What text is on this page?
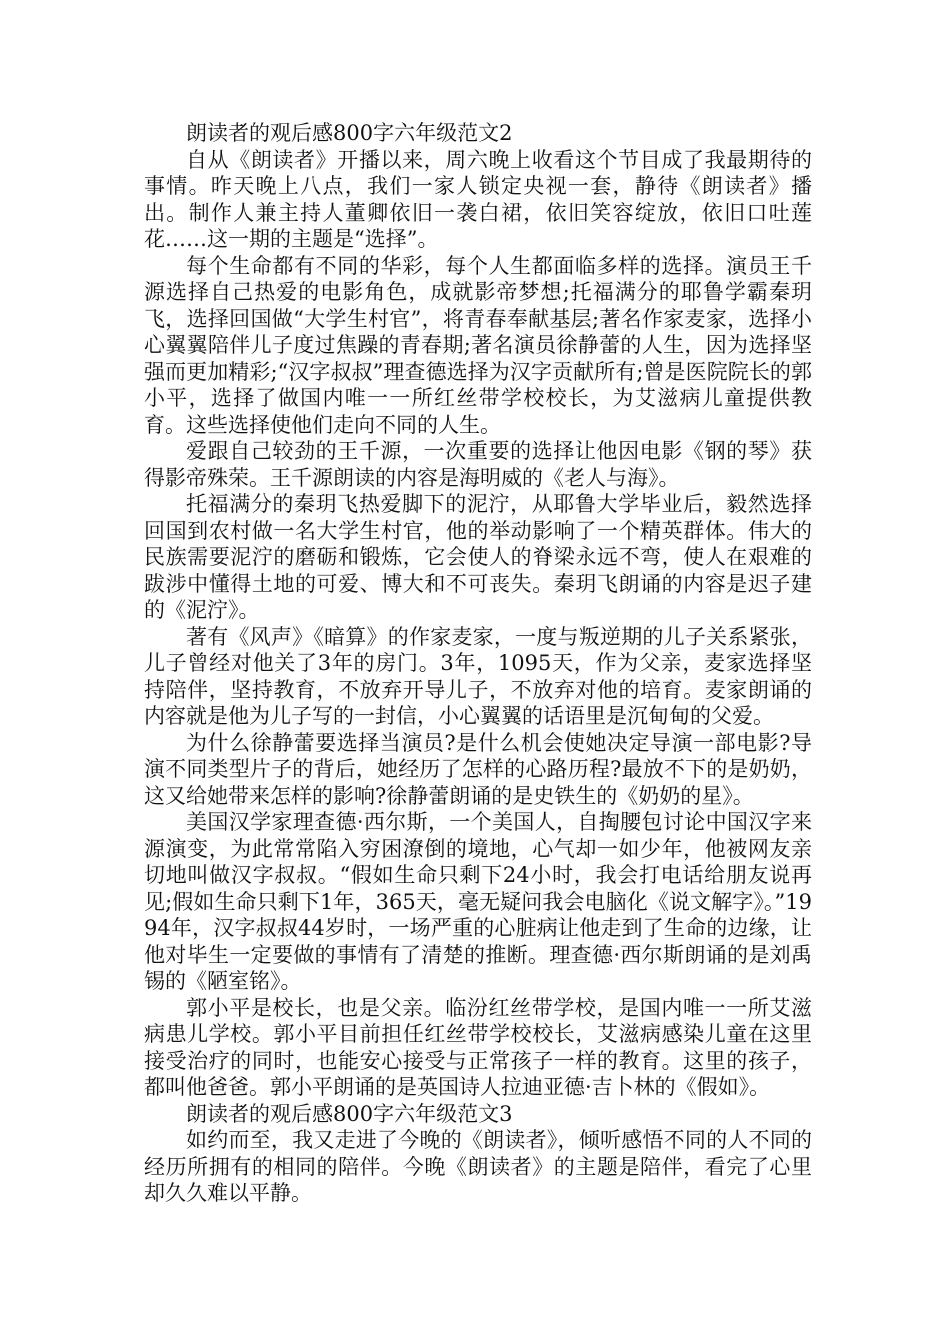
朗读者的观后感800字六年级范文2

自从《朗读者》开播以来，周六晚上收看这个节目成了我最期待的事情。昨天晚上八点，我们一家人锁定央视一套，静待《朗读者》播出。制作人兼主持人董卿依旧一袭白裙，依旧笑容绽放，依旧口吐莲花……这一期的主题是“选择”。

每个生命都有不同的华彩，每个人生都面临多样的选择。演员王千源选择自己热爱的电影角色，成就影帝梦想;托福满分的耶鲁学霸秦玥飞，选择回国做“大学生村官”，将青春奉献基层;著名作家麦家，选择小心翼翼陪伴儿子度过焦躁的青春期;著名演员徐静蕾的人生，因为选择坚强而更加精彩;“汉字叔叔”理查德选择为汉字贡献所有;曾是医院院长的郭小平，选择了做国内唯一一所红丝带学校校长，为艾滋病儿童提供教育。这些选择使他们走向不同的人生。

爱跟自己较劲的王千源，一次重要的选择让他因电影《钢的琴》获得影帝殊荣。王千源朗读的内容是海明威的《老人与海》。

托福满分的秦玥飞热爱脚下的泥泞，从耶鲁大学毕业后，毅然选择回国到农村做一名大学生村官，他的举动影响了一个精英群体。伟大的民族需要泥泞的磨砺和锻炼，它会使人的脊梁永远不弯，使人在艰难的跋涉中懂得土地的可爱、博大和不可丧失。秦玥飞朗诵的内容是迟子建的《泥泞》。

著有《风声》《暗算》的作家麦家，一度与叛逆期的儿子关系紧张，儿子曾经对他关了3年的房门。3年，1095天，作为父亲，麦家选择坚持陪伴，坚持教育，不放弃开导儿子，不放弃对他的培育。麦家朗诵的内容就是他为儿子写的一封信，小心翼翼的话语里是沉甸甸的父爱。

为什么徐静蕾要选择当演员?是什么机会使她决定导演一部电影?导演不同类型片子的背后，她经历了怎样的心路历程?最放不下的是奶奶，这又给她带来怎样的影响?徐静蕾朗诵的是史铁生的《奶奶的星》。

美国汉学家理查德·西尔斯，一个美国人，自掏腰包讨论中国汉字来源演变，为此常常陷入穷困潦倒的境地，心气却一如少年，他被网友亲切地叫做汉字叔叔。“假如生命只剩下24小时，我会打电话给朋友说再见;假如生命只剩下1年，365天，毫无疑问我会电脑化《说文解字》。”1994年，汉字叔叔44岁时，一场严重的心脏病让他走到了生命的边缘，让他对毕生一定要做的事情有了清楚的推断。理查德·西尔斯朗诵的是刘禹锡的《陋室铭》。

郭小平是校长，也是父亲。临汾红丝带学校，是国内唯一一所艾滋病患儿学校。郭小平目前担任红丝带学校校长，艾滋病感染儿童在这里接受治疗的同时，也能安心接受与正常孩子一样的教育。这里的孩子，都叫他爸爸。郭小平朗诵的是英国诗人拉迪亚德·吉卜林的《假如》。

朗读者的观后感800字六年级范文3

如约而至，我又走进了今晚的《朗读者》，倾听感悟不同的人不同的经历所拥有的相同的陪伴。今晚《朗读者》的主题是陪伴，看完了心里却久久难以平静。
